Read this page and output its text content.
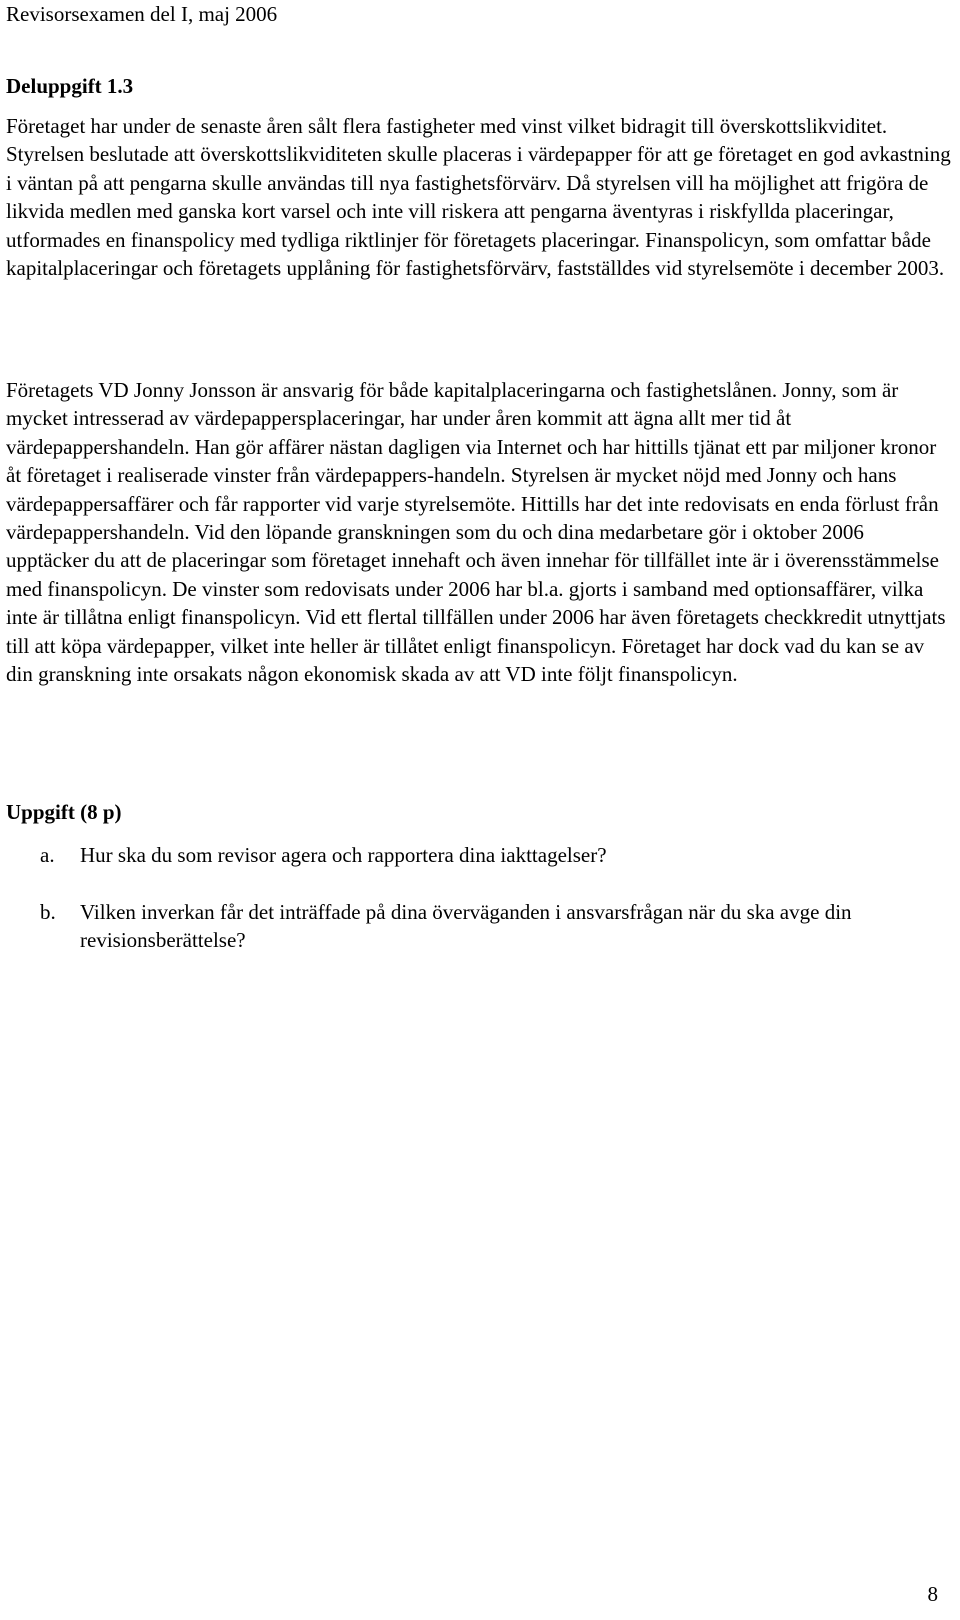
Revisorsexamen del I, maj 2006
Deluppgift 1.3

Företaget har under de senaste åren sålt flera fastigheter med vinst vilket bidragit till överskottslikviditet. Styrelsen beslutade att överskottslikviditeten skulle placeras i värdepapper för att ge företaget en god avkastning i väntan på att pengarna skulle användas till nya fastighetsförvärv. Då styrelsen vill ha möjlighet att frigöra de likvida medlen med ganska kort varsel och inte vill riskera att pengarna äventyras i riskfyllda placeringar, utformades en finanspolicy med tydliga riktlinjer för företagets placeringar. Finanspolicyn, som omfattar både kapitalplaceringar och företagets upplåning för fastighetsförvärv, fastställdes vid styrelsemöte i december 2003.

Företagets VD Jonny Jonsson är ansvarig för både kapitalplaceringarna och fastighetslånen. Jonny, som är mycket intresserad av värdepappersplaceringar, har under åren kommit att ägna allt mer tid åt värdepappershandeln. Han gör affärer nästan dagligen via Internet och har hittills tjänat ett par miljoner kronor åt företaget i realiserade vinster från värdepappers-handeln. Styrelsen är mycket nöjd med Jonny och hans värdepappersaffärer och får rapporter vid varje styrelsemöte. Hittills har det inte redovisats en enda förlust från värdepappershandeln. Vid den löpande granskningen som du och dina medarbetare gör i oktober 2006 upptäcker du att de placeringar som företaget innehaft och även innehar för tillfället inte är i överensstämmelse med finanspolicyn. De vinster som redovisats under 2006 har bl.a. gjorts i samband med optionsaffärer, vilka inte är tillåtna enligt finanspolicyn. Vid ett flertal tillfällen under 2006 har även företagets checkkredit utnyttjats till att köpa värdepapper, vilket inte heller är tillåtet enligt finanspolicyn. Företaget har dock vad du kan se av din granskning inte orsakats någon ekonomisk skada av att VD inte följt finanspolicyn.

Uppgift (8 p)
a.	Hur ska du som revisor agera och rapportera dina iakttagelser?
b.	Vilken inverkan får det inträffade på dina överväganden i ansvarsfrågan när du ska avge din revisionsberättelse?
8
